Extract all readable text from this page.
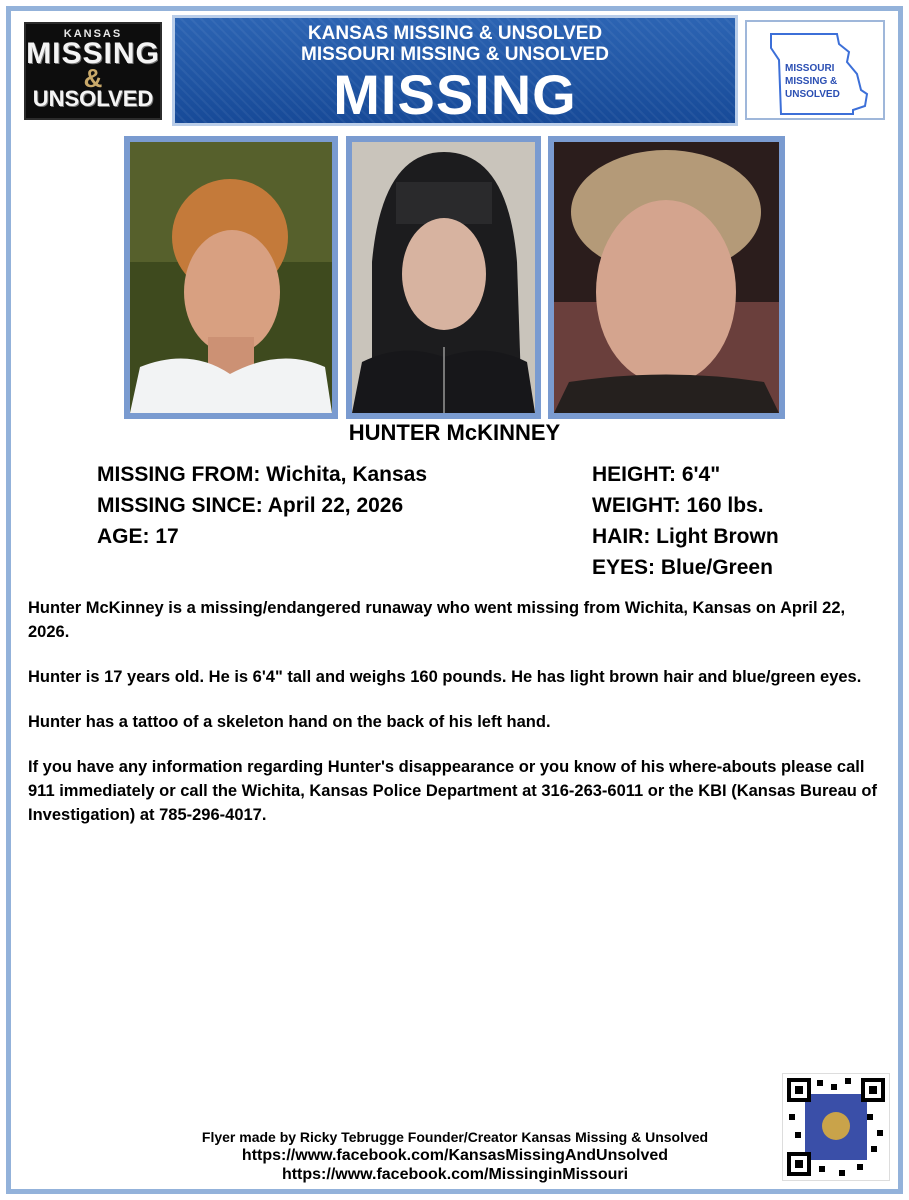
KANSAS
MISSING
&
UNSOLVED
KANSAS MISSING & UNSOLVED
MISSOURI MISSING & UNSOLVED
MISSING	MISSOURI
MISSING &
UNSOLVED
HUNTER McKINNEY
MISSING FROM: Wichita, Kansas
MISSING SINCE: April 22, 2026
AGE: 17
HEIGHT: 6'4"
WEIGHT: 160 lbs.
HAIR: Light Brown
EYES: Blue/Green

Hunter McKinney is a missing/endangered runaway who went missing from Wichita, Kansas on April 22, 2026.

Hunter is 17 years old. He is 6'4" tall and weighs 160 pounds. He has light brown hair and blue/green eyes.

Hunter has a tattoo of a skeleton hand on the back of his left hand.

If you have any information regarding Hunter's disappearance or you know of his where-abouts please call 911 immediately or call the Wichita, Kansas Police Department at 316-263-6011 or the KBI (Kansas Bureau of Investigation) at 785-296-4017.

Flyer made by Ricky Tebrugge Founder/Creator Kansas Missing & Unsolved
https://www.facebook.com/KansasMissingAndUnsolved
https://www.facebook.com/MissinginMissouri
